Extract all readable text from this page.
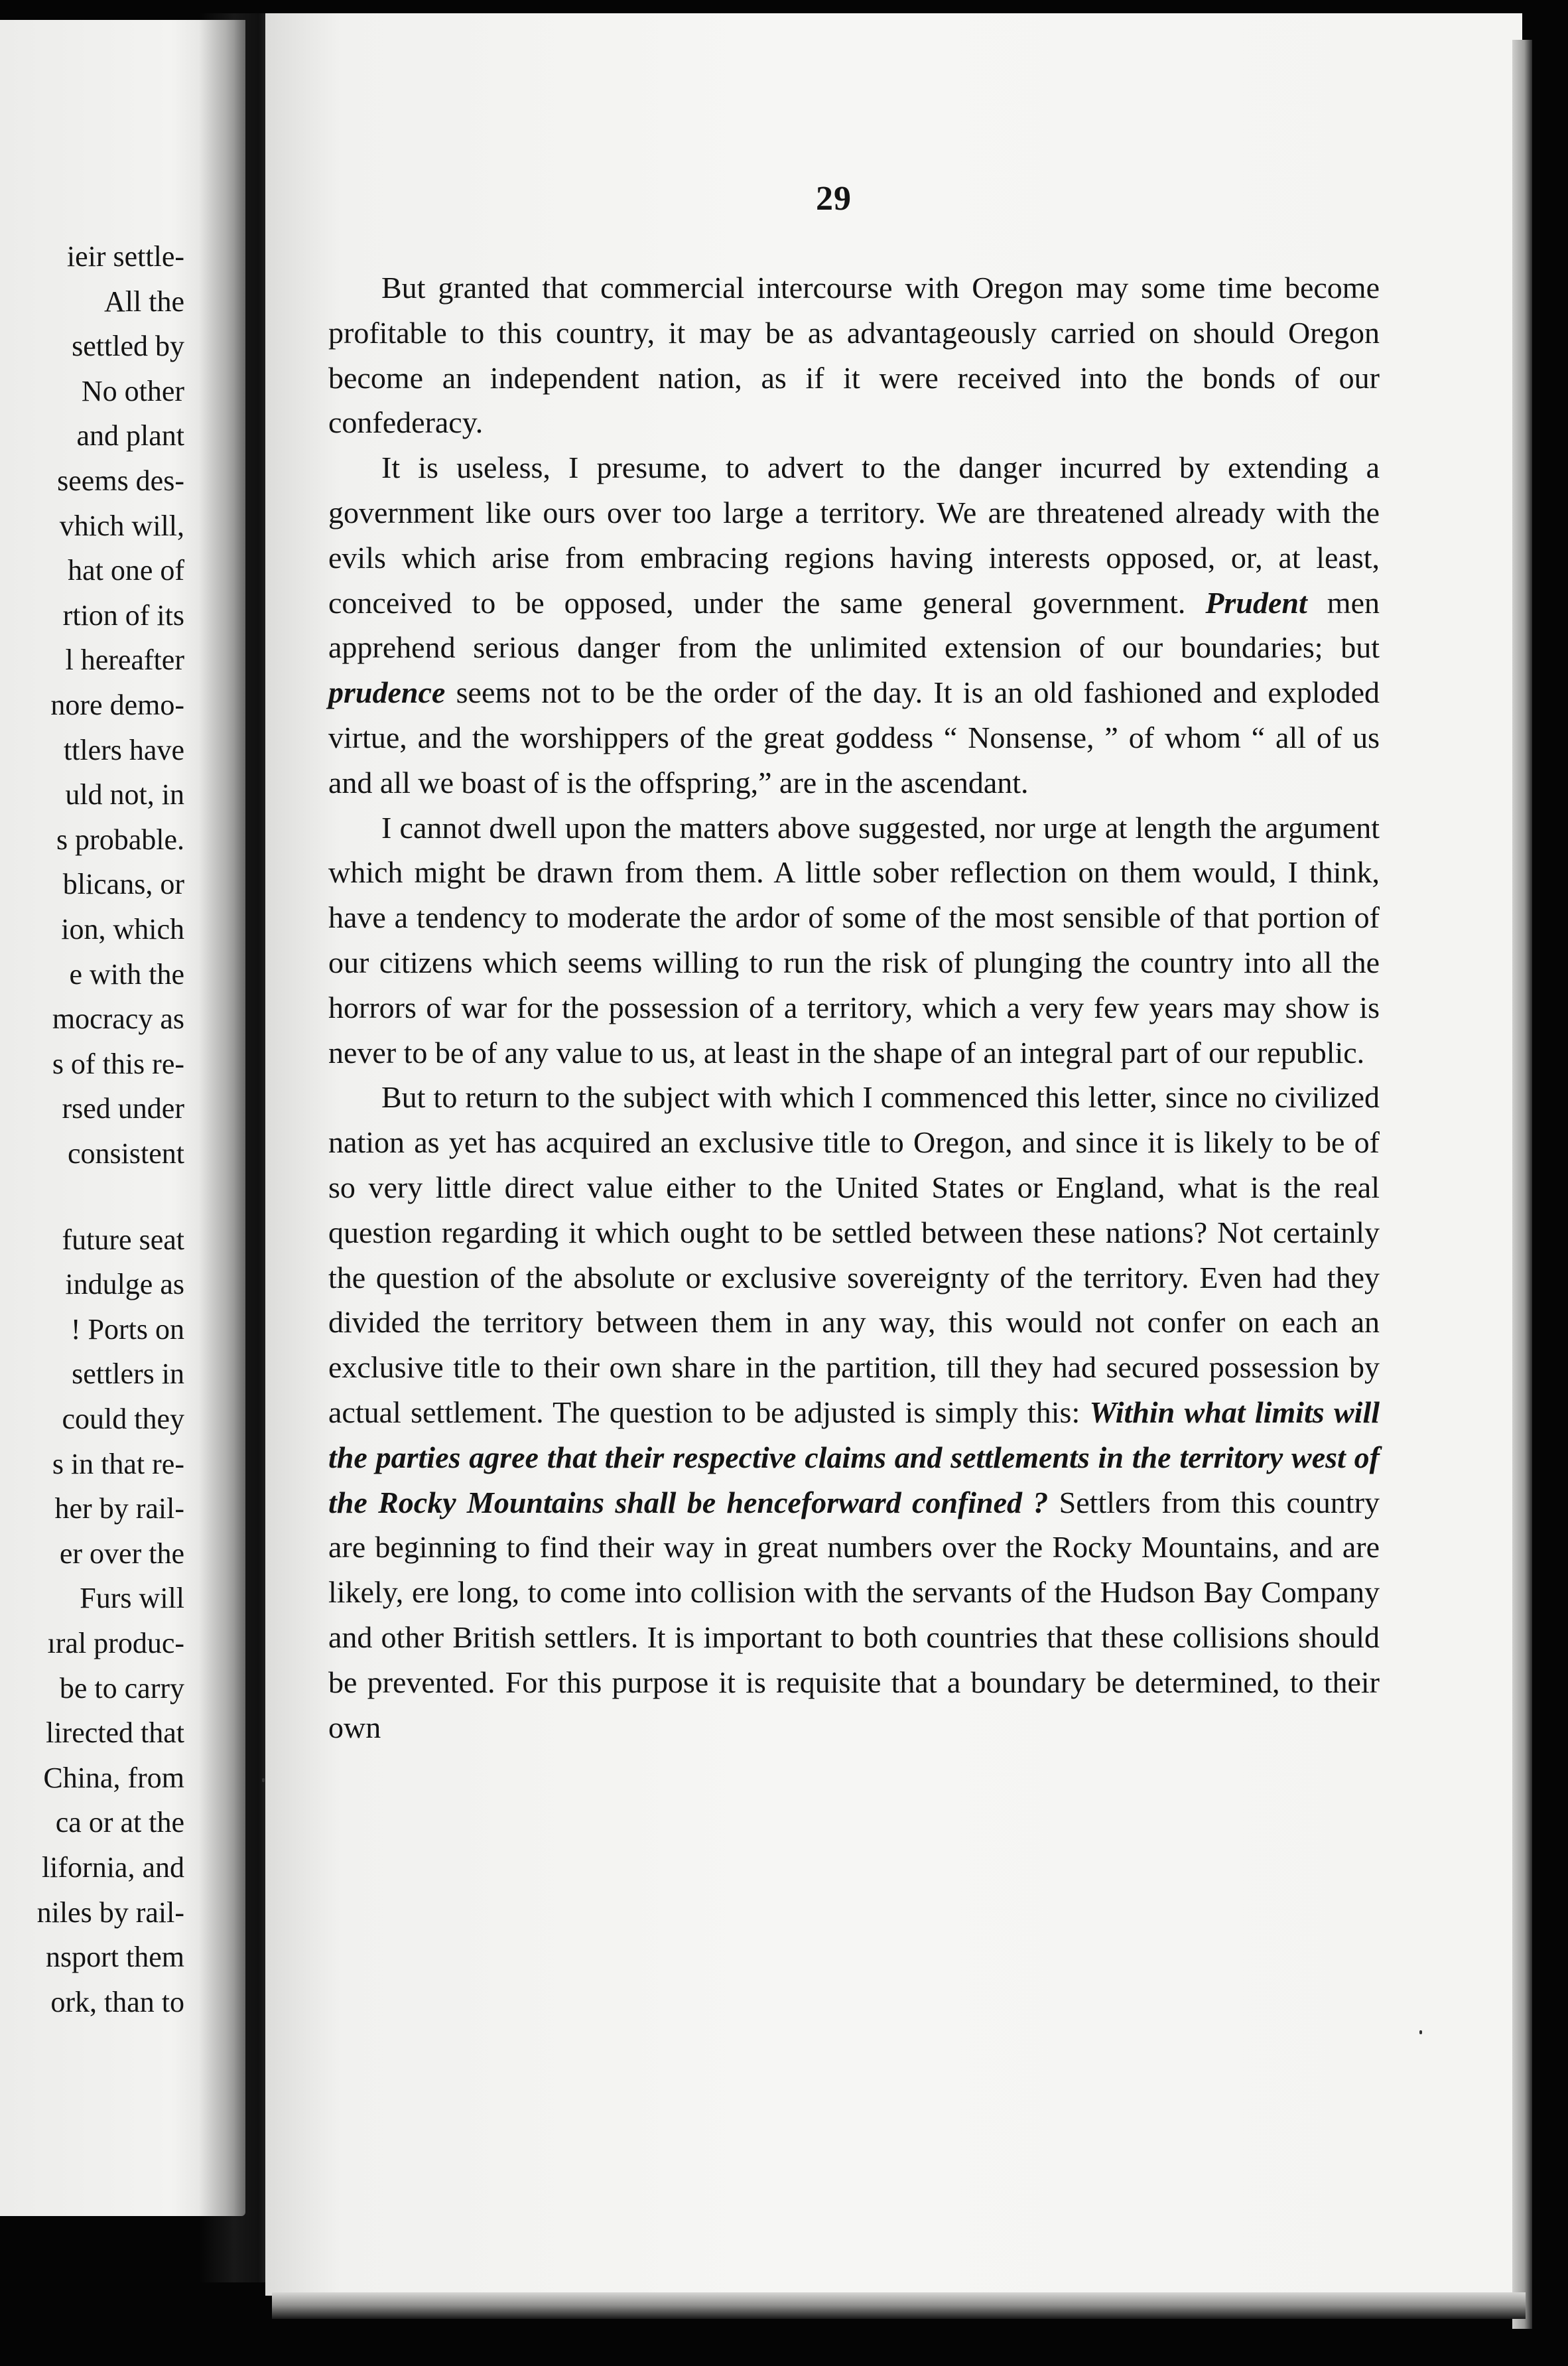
ieir settle-
All the
settled by
No other
and plant
seems des-
vhich will,
hat one of
rtion of its
l hereafter
nore demo-
ttlers have
uld not, in
s probable.
blicans, or
ion, which
e with the
mocracy as
s of this re-
rsed under
consistent
future seat
indulge as
! Ports on
settlers in
could they
s in that re-
her by rail-
er over the
Furs will
ıral produc-
be to carry
lirected that
China, from
ca or at the
lifornia, and
niles by rail-
nsport them
ork, than to
29

But granted that commercial intercourse with Oregon may some time become profitable to this country, it may be as advantageously carried on should Oregon become an independent nation, as if it were received into the bonds of our confederacy.

It is useless, I presume, to advert to the danger incurred by extending a government like ours over too large a territory. We are threatened already with the evils which arise from embracing regions having interests opposed, or, at least, conceived to be opposed, under the same general government. Prudent men apprehend serious danger from the unlimited extension of our boundaries; but prudence seems not to be the order of the day. It is an old fashioned and exploded virtue, and the worshippers of the great goddess “ Nonsense, ” of whom “ all of us and all we boast of is the offspring,” are in the ascendant.

I cannot dwell upon the matters above suggested, nor urge at length the argument which might be drawn from them. A little sober reflection on them would, I think, have a tendency to moderate the ardor of some of the most sensible of that portion of our citizens which seems willing to run the risk of plunging the country into all the horrors of war for the possession of a territory, which a very few years may show is never to be of any value to us, at least in the shape of an integral part of our republic.

But to return to the subject with which I commenced this letter, since no civilized nation as yet has acquired an exclusive title to Oregon, and since it is likely to be of so very little direct value either to the United States or England, what is the real question regarding it which ought to be settled between these nations? Not certainly the question of the absolute or exclusive sovereignty of the territory. Even had they divided the territory between them in any way, this would not confer on each an exclusive title to their own share in the partition, till they had secured possession by actual settlement. The question to be adjusted is simply this: Within what limits will the parties agree that their respective claims and settlements in the territory west of the Rocky Mountains shall be henceforward confined ? Settlers from this country are beginning to find their way in great numbers over the Rocky Mountains, and are likely, ere long, to come into collision with the servants of the Hudson Bay Company and other British settlers. It is important to both countries that these collisions should be prevented. For this purpose it is requisite that a boundary be determined, to their own
